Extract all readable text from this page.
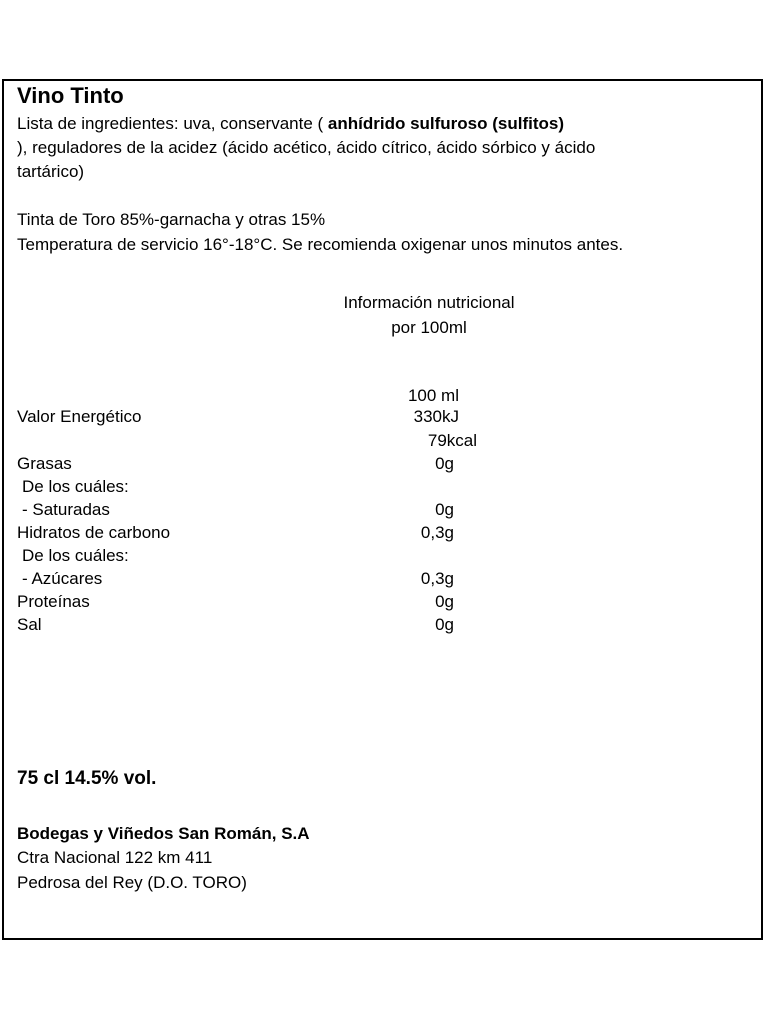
Vino Tinto
Lista de ingredientes: uva, conservante ( anhídrido sulfuroso (sulfitos)
), reguladores de la acidez (ácido acético, ácido cítrico, ácido sórbico y ácido
tartárico)
Tinta de Toro 85%-garnacha y otras 15%
Temperatura de servicio 16°-18°C. Se recomienda oxigenar unos minutos antes.
Información nutricional
por 100ml
100 ml
Valor Energético	330kJ
79kcal
Grasas	0g
De los cuáles:
- Saturadas	0g
Hidratos de carbono	0,3g
De los cuáles:
- Azúcares	0,3g
Proteínas	0g
Sal	0g
75 cl 14.5% vol.
Bodegas y Viñedos San Román, S.A
Ctra Nacional 122 km 411
Pedrosa del Rey (D.O. TORO)
